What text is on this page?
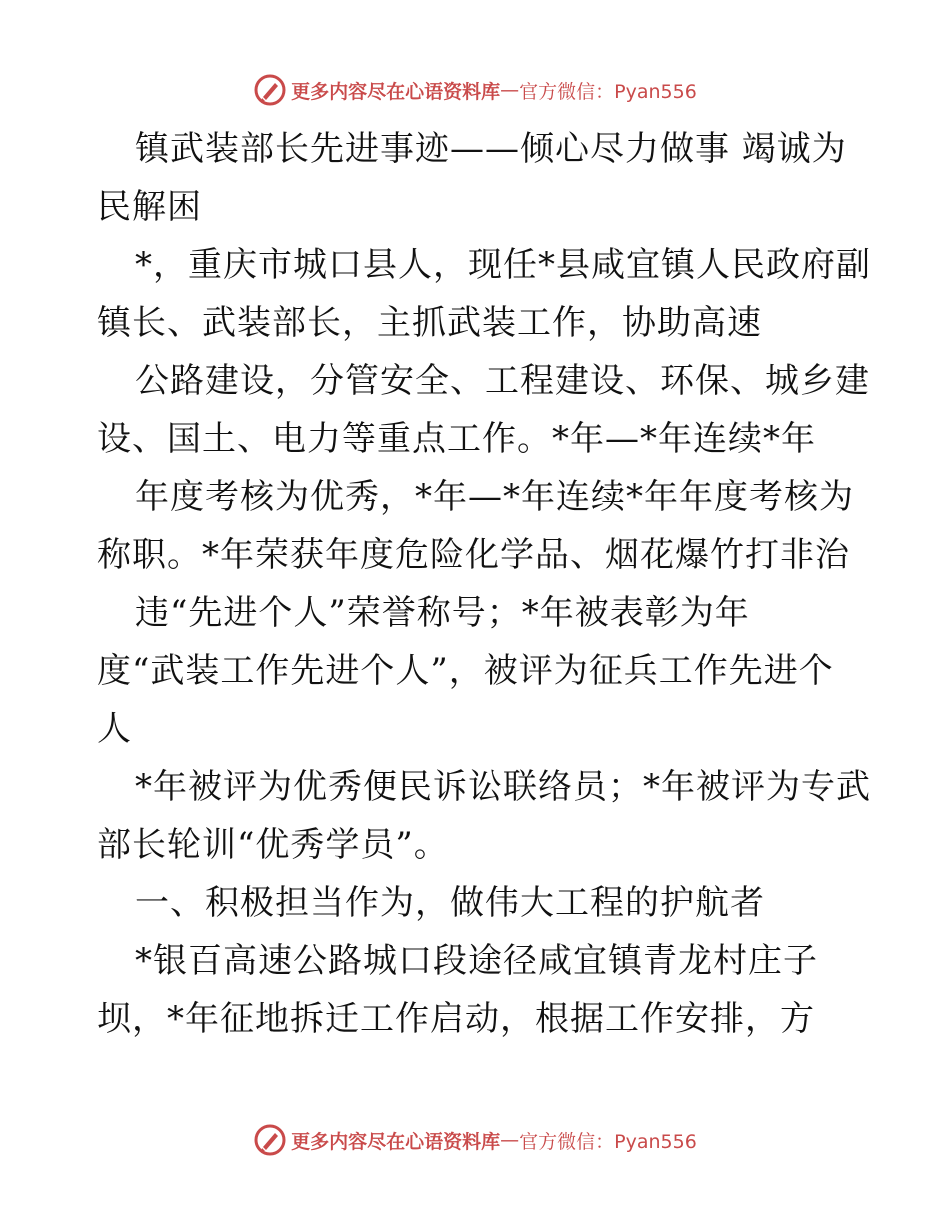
更多内容尽在心语资料库 — 官方微信：Pyan556
镇武装部长先进事迹——倾心尽力做事 竭诚为
民解困
*，重庆市城口县人，现任*县咸宜镇人民政府副
镇长、武装部长，主抓武装工作，协助高速
公路建设，分管安全、工程建设、环保、城乡建
设、国土、电力等重点工作。*年—*年连续*年
年度考核为优秀，*年—*年连续*年年度考核为
称职。*年荣获年度危险化学品、烟花爆竹打非治
违“先进个人”荣誉称号；*年被表彰为年
度“武装工作先进个人”，被评为征兵工作先进个
人
*年被评为优秀便民诉讼联络员；*年被评为专武
部长轮训“优秀学员”。
一、积极担当作为，做伟大工程的护航者
*银百高速公路城口段途径咸宜镇青龙村庄子
坝，*年征地拆迁工作启动，根据工作安排，方
更多内容尽在心语资料库 — 官方微信：Pyan556
